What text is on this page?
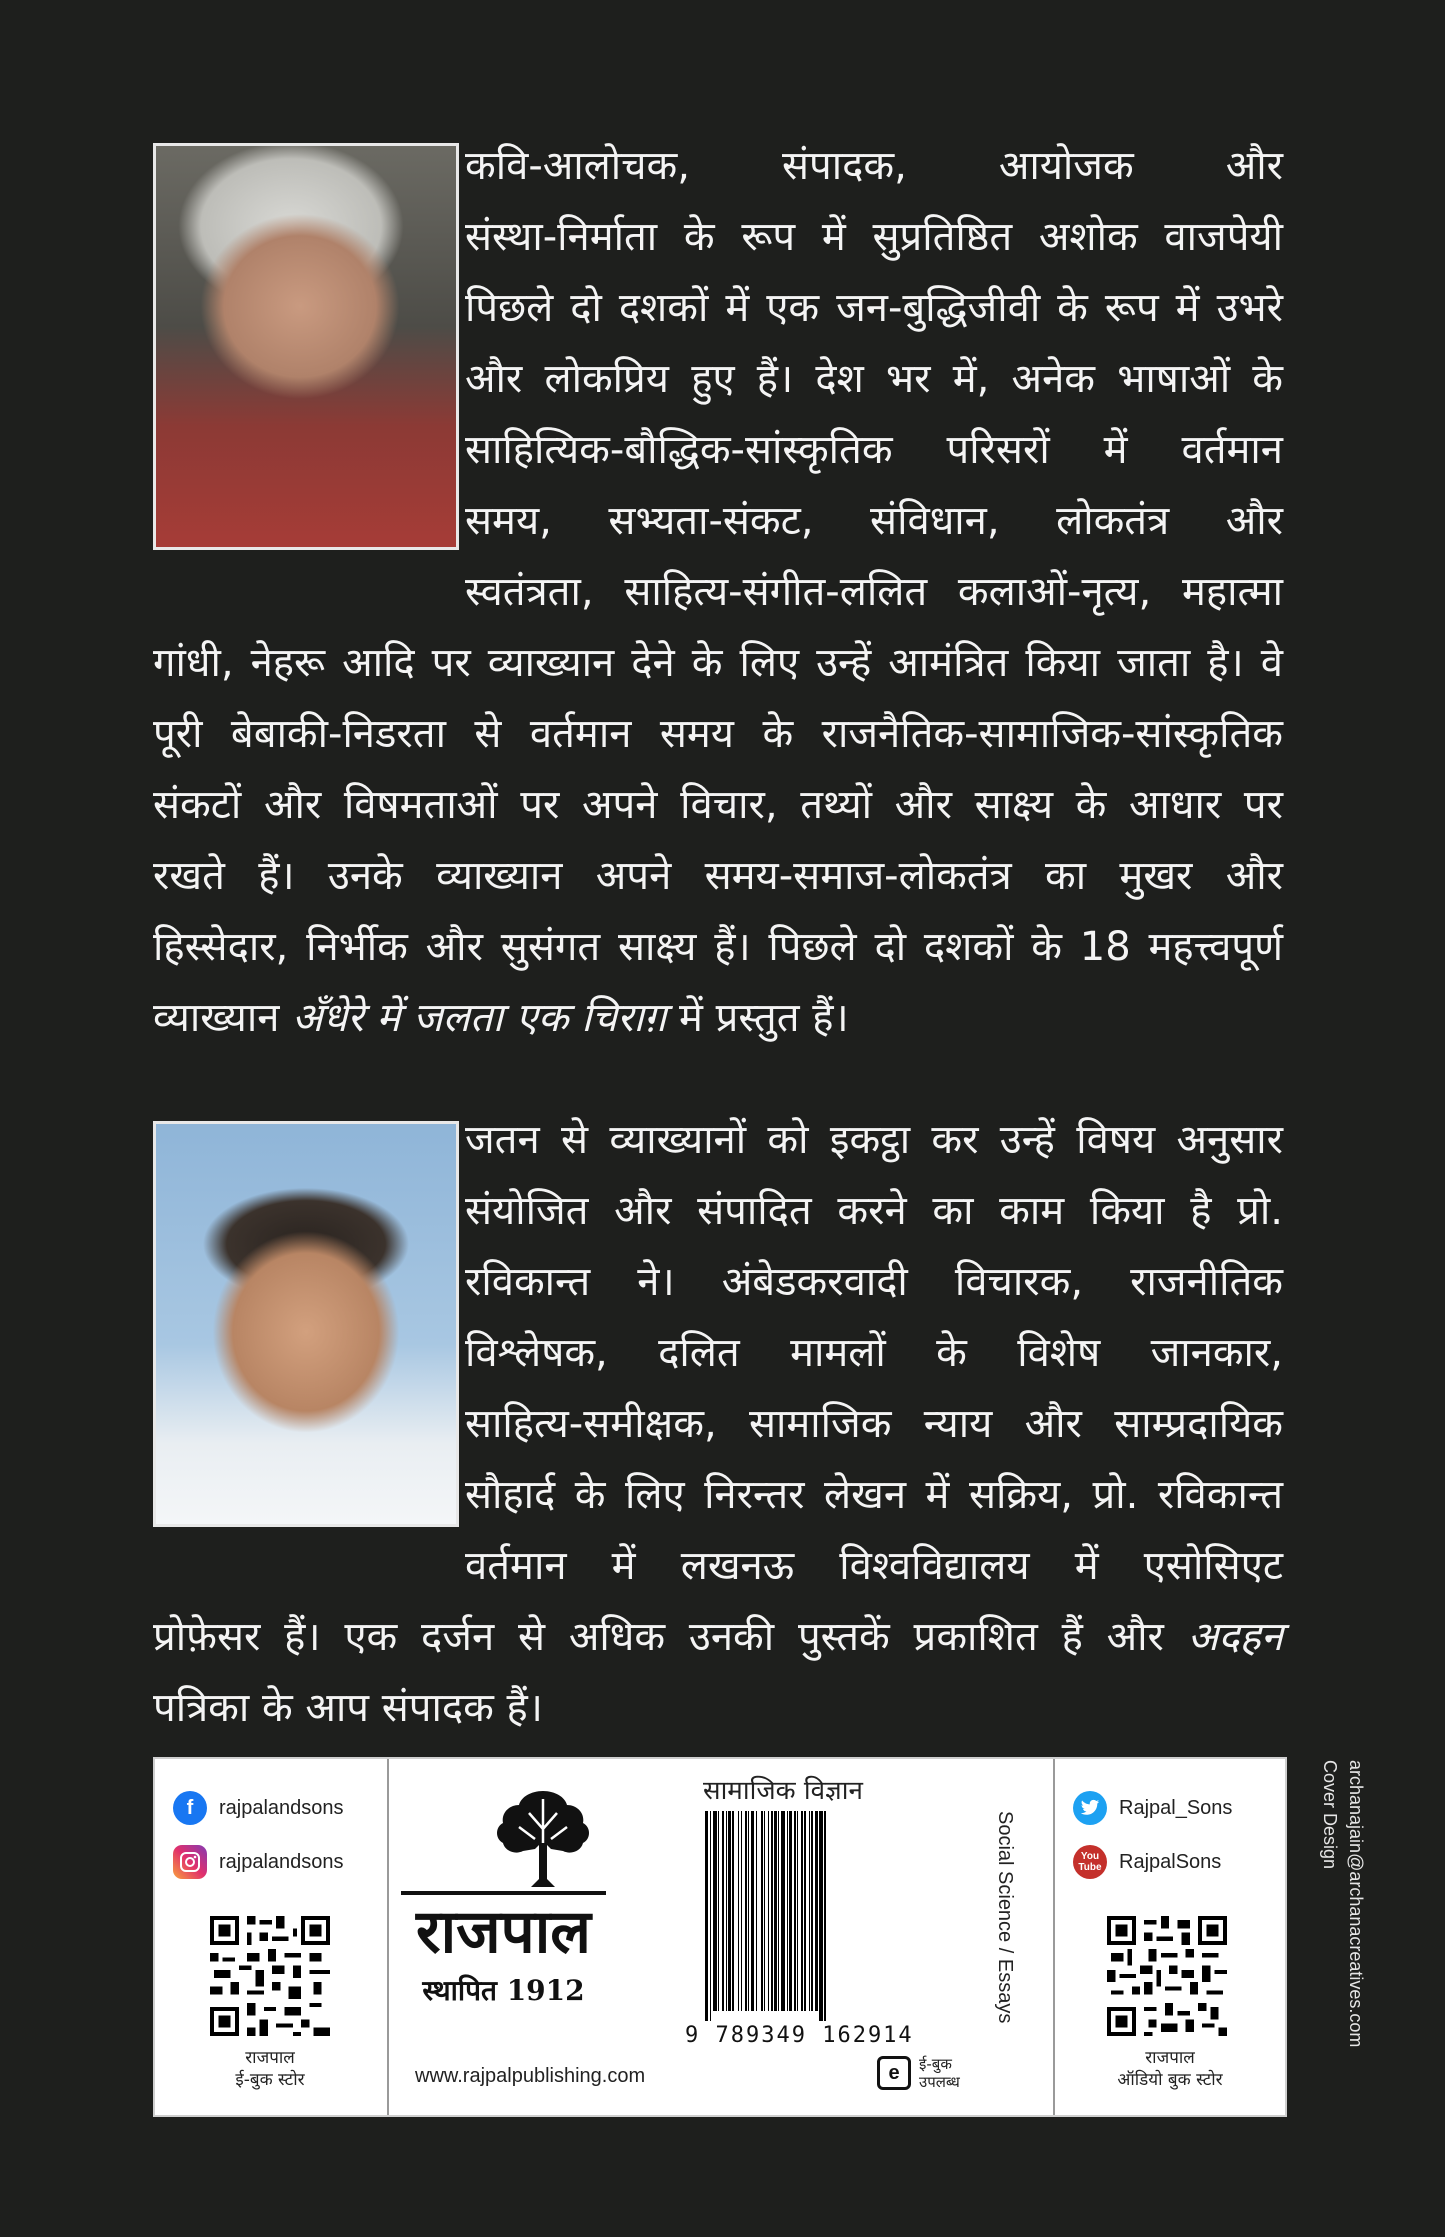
कवि-आलोचक, संपादक, आयोजक और
संस्था-निर्माता के रूप में सुप्रतिष्ठित अशोक वाजपेयी
पिछले दो दशकों में एक जन-बुद्धिजीवी के रूप में उभरे
और लोकप्रिय हुए हैं। देश भर में, अनेक भाषाओं के
साहित्यिक-बौद्धिक-सांस्कृतिक परिसरों में वर्तमान
समय, सभ्यता-संकट, संविधान, लोकतंत्र और
स्वतंत्रता, साहित्य-संगीत-ललित कलाओं-नृत्य, महात्मा
गांधी, नेहरू आदि पर व्याख्यान देने के लिए उन्हें आमंत्रित किया जाता है। वे
पूरी बेबाकी-निडरता से वर्तमान समय के राजनैतिक-सामाजिक-सांस्कृतिक
संकटों और विषमताओं पर अपने विचार, तथ्यों और साक्ष्य के आधार पर
रखते हैं। उनके व्याख्यान अपने समय-समाज-लोकतंत्र का मुखर और
हिस्सेदार, निर्भीक और सुसंगत साक्ष्य हैं। पिछले दो दशकों के 18 महत्त्वपूर्ण
व्याख्यान अँधेरे में जलता एक चिराग़ में प्रस्तुत हैं।
जतन से व्याख्यानों को इकट्ठा कर उन्हें विषय अनुसार
संयोजित और संपादित करने का काम किया है प्रो.
रविकान्त ने। अंबेडकरवादी विचारक, राजनीतिक
विश्लेषक, दलित मामलों के विशेष जानकार,
साहित्य-समीक्षक, सामाजिक न्याय और साम्प्रदायिक
सौहार्द के लिए निरन्तर लेखन में सक्रिय, प्रो. रविकान्त
वर्तमान में लखनऊ विश्वविद्यालय में एसोसिएट
प्रोफ़ेसर हैं। एक दर्जन से अधिक उनकी पुस्तकें प्रकाशित हैं और अदहन
पत्रिका के आप संपादक हैं।
f	rajpalandsons
rajpalandsons
राजपाल
ई-बुक स्टोर
राजपाल
स्थापित 1912
www.rajpalpublishing.com
सामाजिक विज्ञान
9 789349 162914
e	ई-बुक
उपलब्ध
Social Science / Essays
Rajpal_Sons
You
Tube RajpalSons
राजपाल
ऑडियो बुक स्टोर
Cover Design archanajain@archanacreatives.com
